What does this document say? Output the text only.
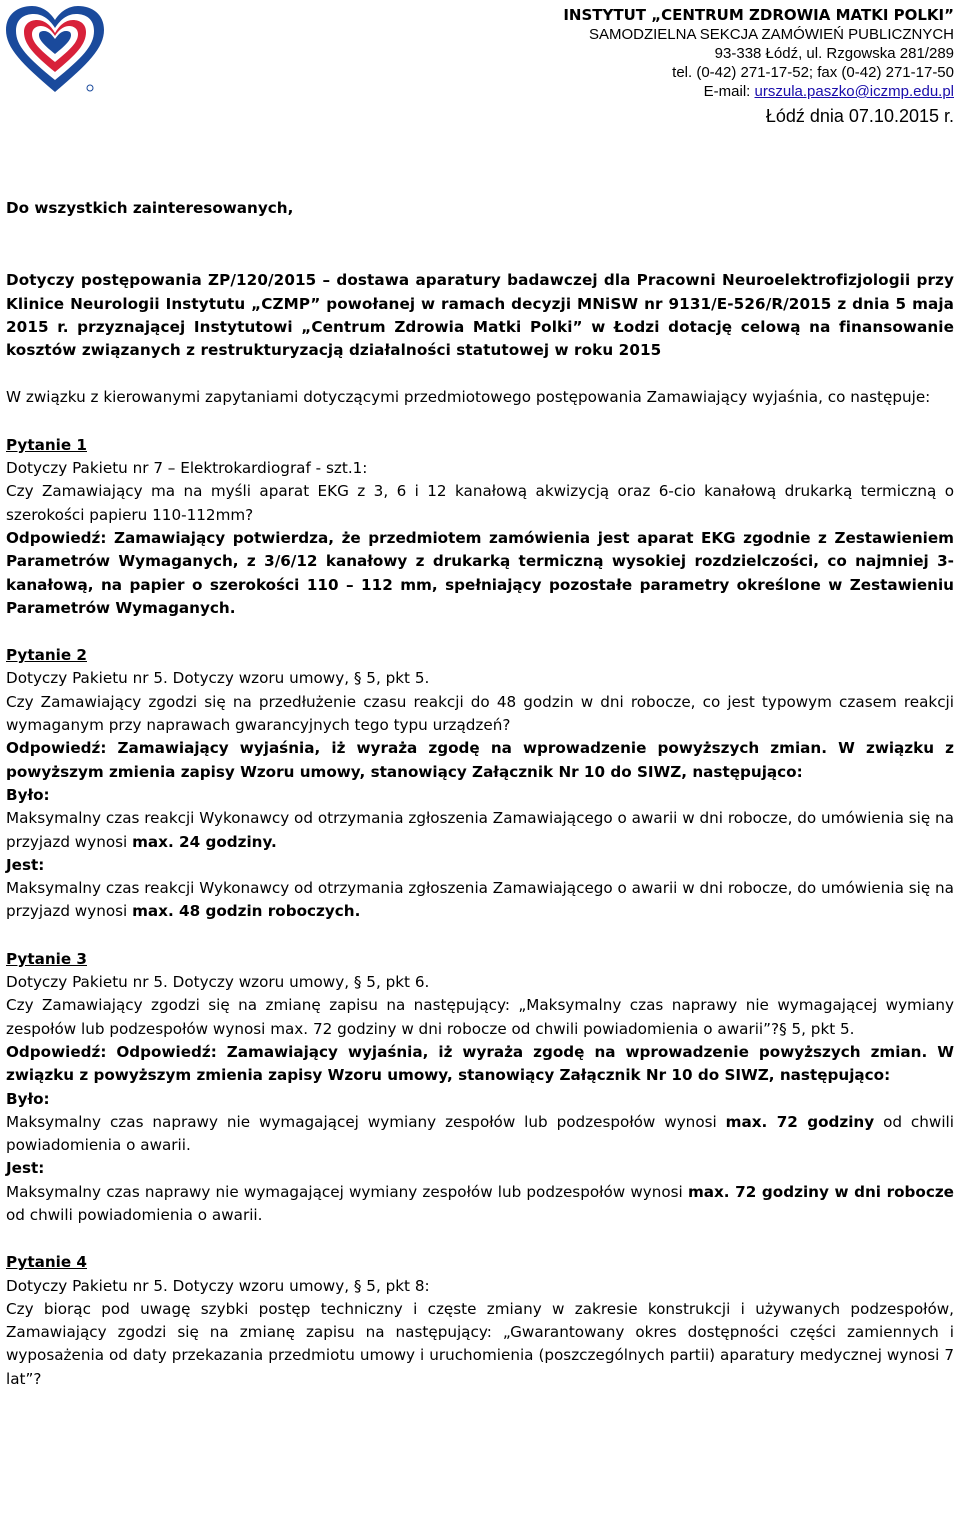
INSTYTUT „CENTRUM ZDROWIA MATKI POLKI”
SAMODZIELNA SEKCJA ZAMÓWIEŃ PUBLICZNYCH
93-338 Łódź, ul. Rzgowska 281/289
tel. (0-42) 271-17-52; fax (0-42) 271-17-50
E-mail: urszula.paszko@iczmp.edu.pl
Łódź dnia 07.10.2015 r.

Do wszystkich zainteresowanych,

Dotyczy postępowania ZP/120/2015 – dostawa aparatury badawczej dla Pracowni Neuroelektrofizjologii przy Klinice Neurologii Instytutu „CZMP” powołanej w ramach decyzji MNiSW nr 9131/E-526/R/2015 z dnia 5 maja 2015 r. przyznającej Instytutowi „Centrum Zdrowia Matki Polki” w Łodzi dotację celową na finansowanie kosztów związanych z restrukturyzacją działalności statutowej w roku 2015

W związku z kierowanymi zapytaniami dotyczącymi przedmiotowego postępowania Zamawiający wyjaśnia, co następuje:

Pytanie 1

Dotyczy Pakietu nr 7 – Elektrokardiograf - szt.1:

Czy Zamawiający ma na myśli aparat EKG z 3, 6 i 12 kanałową akwizycją oraz 6-cio kanałową drukarką termiczną o szerokości papieru 110-112mm?

Odpowiedź: Zamawiający potwierdza, że przedmiotem zamówienia jest aparat EKG zgodnie z Zestawieniem Parametrów Wymaganych, z 3/6/12 kanałowy z drukarką termiczną wysokiej rozdzielczości, co najmniej 3-kanałową, na papier o szerokości 110 – 112 mm, spełniający pozostałe parametry określone w Zestawieniu Parametrów Wymaganych.

Pytanie 2

Dotyczy Pakietu nr 5. Dotyczy wzoru umowy, § 5, pkt 5.

Czy Zamawiający zgodzi się na przedłużenie czasu reakcji do 48 godzin w dni robocze, co jest typowym czasem reakcji wymaganym przy naprawach gwarancyjnych tego typu urządzeń?

Odpowiedź: Zamawiający wyjaśnia, iż wyraża zgodę na wprowadzenie powyższych zmian. W związku z powyższym zmienia zapisy Wzoru umowy, stanowiący Załącznik Nr 10 do SIWZ, następująco:

Było:

Maksymalny czas reakcji Wykonawcy od otrzymania zgłoszenia Zamawiającego o awarii w dni robocze, do umówienia się na przyjazd wynosi max. 24 godziny.

Jest:

Maksymalny czas reakcji Wykonawcy od otrzymania zgłoszenia Zamawiającego o awarii w dni robocze, do umówienia się na przyjazd wynosi max. 48 godzin roboczych.

Pytanie 3

Dotyczy Pakietu nr 5. Dotyczy wzoru umowy, § 5, pkt 6.

Czy Zamawiający zgodzi się na zmianę zapisu na następujący: „Maksymalny czas naprawy nie wymagającej wymiany zespołów lub podzespołów wynosi max. 72 godziny w dni robocze od chwili powiadomienia o awarii”?§ 5, pkt 5.

Odpowiedź: Odpowiedź: Zamawiający wyjaśnia, iż wyraża zgodę na wprowadzenie powyższych zmian. W związku z powyższym zmienia zapisy Wzoru umowy, stanowiący Załącznik Nr 10 do SIWZ, następująco:

Było:

Maksymalny czas naprawy nie wymagającej wymiany zespołów lub podzespołów wynosi max. 72 godziny od chwili powiadomienia o awarii.

Jest:

Maksymalny czas naprawy nie wymagającej wymiany zespołów lub podzespołów wynosi max. 72 godziny w dni robocze od chwili powiadomienia o awarii.

Pytanie 4

Dotyczy Pakietu nr 5. Dotyczy wzoru umowy, § 5, pkt 8:

Czy biorąc pod uwagę szybki postęp techniczny i częste zmiany w zakresie konstrukcji i używanych podzespołów, Zamawiający zgodzi się na zmianę zapisu na następujący: „Gwarantowany okres dostępności części zamiennych i wyposażenia od daty przekazania przedmiotu umowy i uruchomienia (poszczególnych partii) aparatury medycznej wynosi 7 lat”?
